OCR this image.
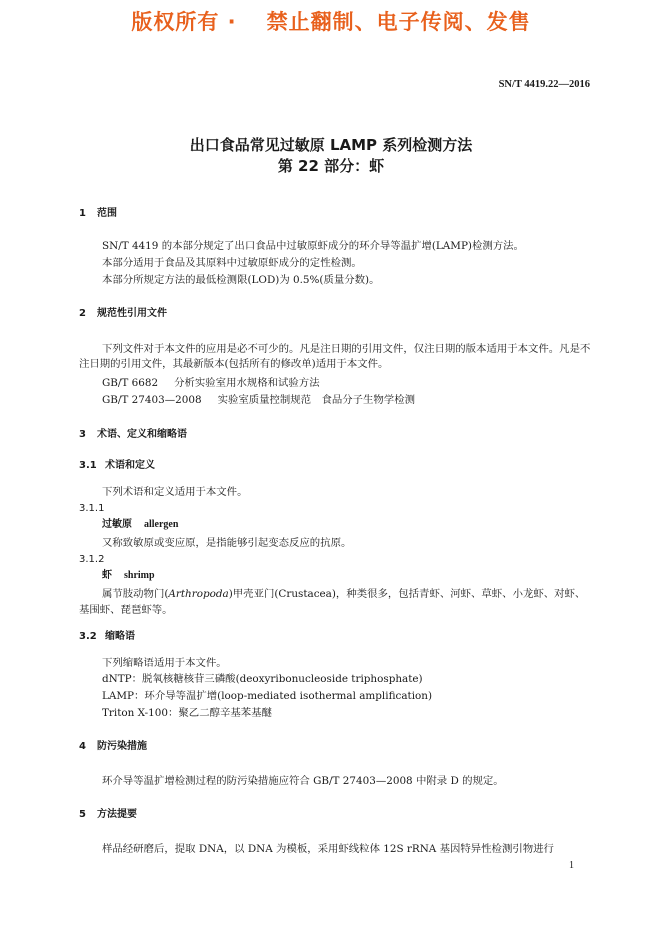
版权所有 · 禁止翻制、电子传阅、发售
SN/T 4419.22—2016
出口食品常见过敏原 LAMP 系列检测方法
第 22 部分：虾
1 范围
SN/T 4419 的本部分规定了出口食品中过敏原虾成分的环介导等温扩增(LAMP)检测方法。
本部分适用于食品及其原料中过敏原虾成分的定性检测。
本部分所规定方法的最低检测限(LOD)为 0.5%(质量分数)。
2 规范性引用文件
下列文件对于本文件的应用是必不可少的。凡是注日期的引用文件，仅注日期的版本适用于本文件。凡是不注日期的引用文件，其最新版本(包括所有的修改单)适用于本文件。
GB/T 6682 分析实验室用水规格和试验方法
GB/T 27403—2008 实验室质量控制规范　食品分子生物学检测
3 术语、定义和缩略语
3.1 术语和定义
下列术语和定义适用于本文件。
3.1.1
过敏原 allergen
又称致敏原或变应原，是指能够引起变态反应的抗原。
3.1.2
虾 shrimp
属节肢动物门(Arthropoda)甲壳亚门(Crustacea)，种类很多，包括青虾、河虾、草虾、小龙虾、对虾、
基围虾、琵琶虾等。
3.2 缩略语
下列缩略语适用于本文件。
dNTP：脱氧核糖核苷三磷酸(deoxyribonucleoside triphosphate)
LAMP：环介导等温扩增(loop-mediated isothermal amplification)
Triton X-100：聚乙二醇辛基苯基醚
4 防污染措施
环介导等温扩增检测过程的防污染措施应符合 GB/T 27403—2008 中附录 D 的规定。
5 方法提要
样品经研磨后，提取 DNA，以 DNA 为模板，采用虾线粒体 12S rRNA 基因特异性检测引物进行
1
